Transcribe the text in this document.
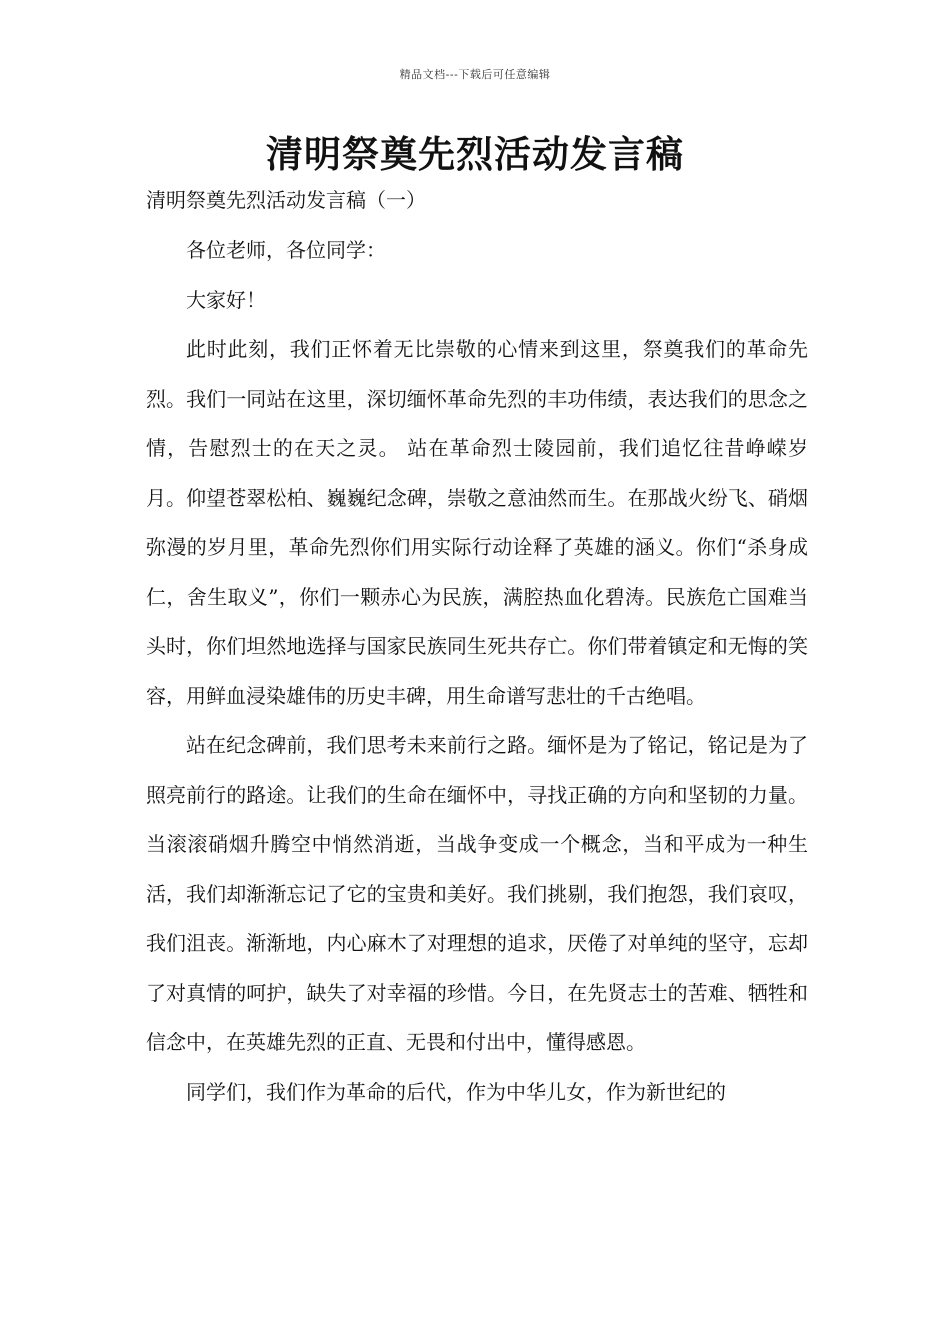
精品文档---下载后可任意编辑
清明祭奠先烈活动发言稿
清明祭奠先烈活动发言稿（一）

各位老师，各位同学：

大家好！

此时此刻，我们正怀着无比崇敬的心情来到这里，祭奠我们的革命先烈。我们一同站在这里，深切缅怀革命先烈的丰功伟绩，表达我们的思念之情，告慰烈士的在天之灵。 站在革命烈士陵园前，我们追忆往昔峥嵘岁月。仰望苍翠松柏、巍巍纪念碑，崇敬之意油然而生。在那战火纷飞、硝烟弥漫的岁月里，革命先烈你们用实际行动诠释了英雄的涵义。你们“杀身成仁，舍生取义”，你们一颗赤心为民族，满腔热血化碧涛。民族危亡国难当头时，你们坦然地选择与国家民族同生死共存亡。你们带着镇定和无悔的笑容，用鲜血浸染雄伟的历史丰碑，用生命谱写悲壮的千古绝唱。

站在纪念碑前，我们思考未来前行之路。缅怀是为了铭记，铭记是为了照亮前行的路途。让我们的生命在缅怀中，寻找正确的方向和坚韧的力量。当滚滚硝烟升腾空中悄然消逝，当战争变成一个概念，当和平成为一种生活，我们却渐渐忘记了它的宝贵和美好。我们挑剔，我们抱怨，我们哀叹，我们沮丧。渐渐地，内心麻木了对理想的追求，厌倦了对单纯的坚守，忘却了对真情的呵护，缺失了对幸福的珍惜。今日，在先贤志士的苦难、牺牲和信念中，在英雄先烈的正直、无畏和付出中，懂得感恩。

同学们，我们作为革命的后代，作为中华儿女，作为新世纪的
